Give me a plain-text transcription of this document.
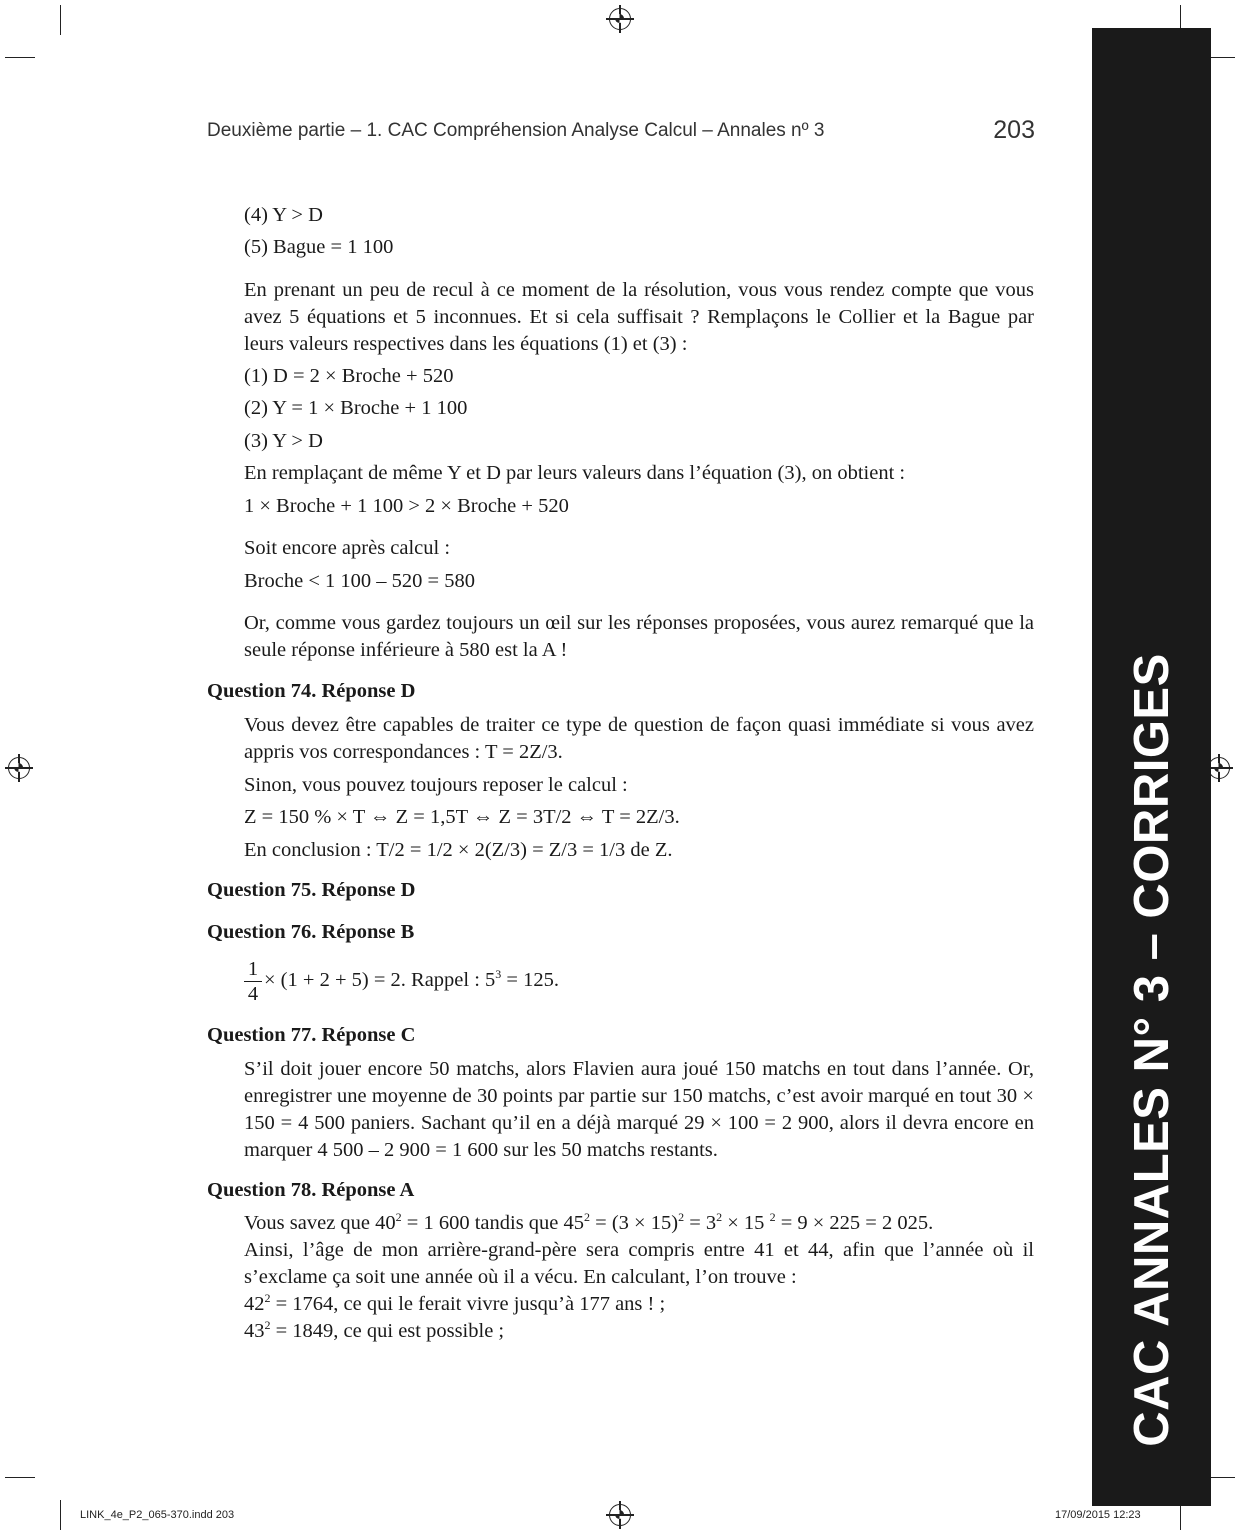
CAC ANNALES N° 3 – CORRIGES
Deuxième partie – 1. CAC Compréhension Analyse Calcul – Annales nº 3	203
(4) Y > D
(5) Bague = 1 100
En prenant un peu de recul à ce moment de la résolution, vous vous rendez compte que vous avez 5 équations et 5 inconnues. Et si cela suffisait ? Remplaçons le Collier et la Bague par leurs valeurs respectives dans les équations (1) et (3) :
(1) D = 2 × Broche + 520
(2) Y = 1 × Broche + 1 100
(3) Y > D
En remplaçant de même Y et D par leurs valeurs dans l’équation (3), on obtient :
1 × Broche + 1 100 > 2 × Broche + 520
Soit encore après calcul :
Broche < 1 100 – 520 = 580
Or, comme vous gardez toujours un œil sur les réponses proposées, vous aurez remarqué que la seule réponse inférieure à 580 est la A !
Question 74. Réponse D
Vous devez être capables de traiter ce type de question de façon quasi immédiate si vous avez appris vos correspondances : T = 2Z/3.
Sinon, vous pouvez toujours reposer le calcul :
Z = 150 % × T ⇔ Z = 1,5T ⇔ Z = 3T/2 ⇔ T = 2Z/3.
En conclusion : T/2 = 1/2 × 2(Z/3) = Z/3 = 1/3 de Z.
Question 75. Réponse D
Question 76. Réponse B
1
4
× (1 + 2 + 5) = 2. Rappel : $5^3 = 125$.
Question 77. Réponse C
S’il doit jouer encore 50 matchs, alors Flavien aura joué 150 matchs en tout dans l’année. Or, enregistrer une moyenne de 30 points par partie sur 150 matchs, c’est avoir marqué en tout 30 × 150 = 4 500 paniers. Sachant qu’il en a déjà marqué 29 × 100 = 2 900, alors il devra encore en marquer 4 500 – 2 900 = 1 600 sur les 50 matchs restants.
Question 78. Réponse A
Vous savez que $40^2 = 1$ 600 tandis que $45^2 = (3 \times 15)^2 = 3^2 \times 15$ $^2$ = 9 × 225 = 2 025.
Ainsi, l’âge de mon arrière-grand-père sera compris entre 41 et 44, afin que l’année où il s’exclame ça soit une année où il a vécu. En calculant, l’on trouve :
$42^2 = 1764$, ce qui le ferait vivre jusqu’à 177 ans ! ;
$43^2 = 1849$, ce qui est possible ;
LINK_4e_P2_065-370.indd 203	17/09/2015 12:23
